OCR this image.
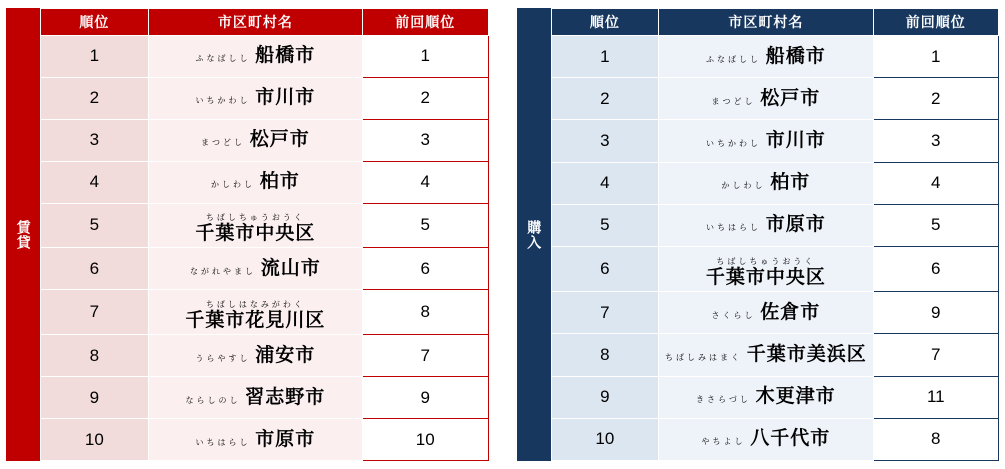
賃貸
順位	市区町村名	前回順位
1	ふなばしし 船橋市	1
2	いちかわし 市川市	2
3	まつどし 松戸市	3
4	かしわし 柏市	4
5	ちばしちゅうおうく 千葉市中央区	5
6	ながれやまし 流山市	6
7	ちばしはなみがわく 千葉市花見川区	8
8	うらやすし 浦安市	7
9	ならしのし 習志野市	9
10	いちはらし 市原市	10
購入
順位	市区町村名	前回順位
1	ふなばしし 船橋市	1
2	まつどし 松戸市	2
3	いちかわし 市川市	3
4	かしわし 柏市	4
5	いちはらし 市原市	5
6	ちばしちゅうおうく 千葉市中央区	6
7	さくらし 佐倉市	9
8	ちばしみはまく 千葉市美浜区	7
9	きさらづし 木更津市	11
10	やちよし 八千代市	8
